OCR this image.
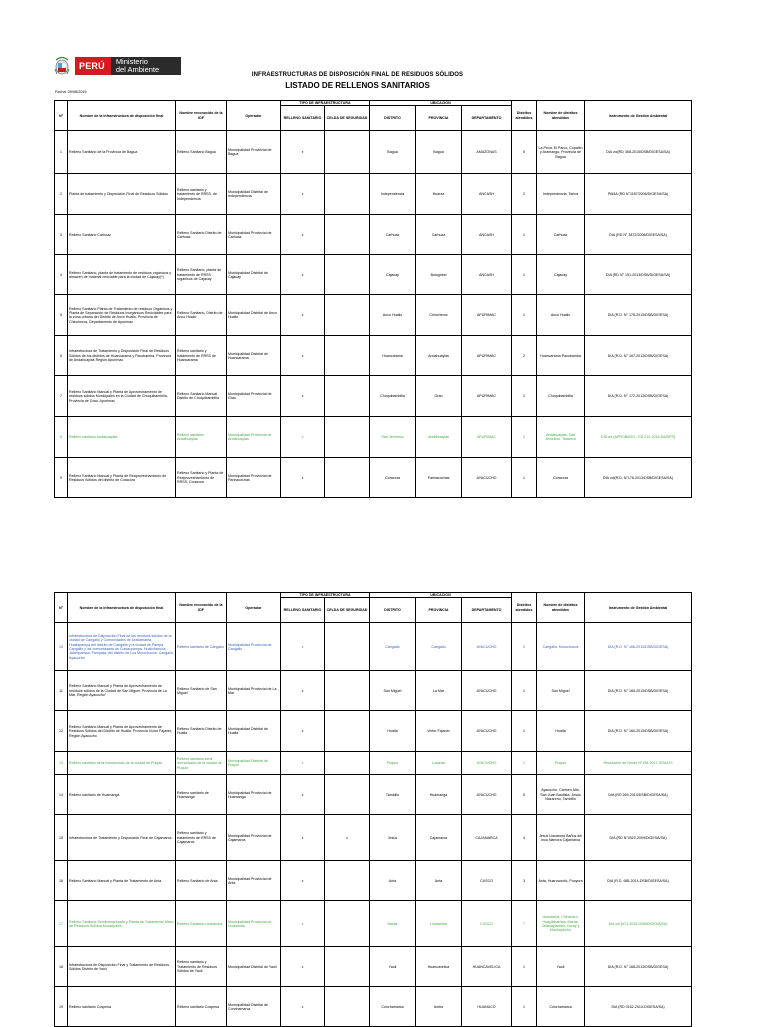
PERÚ	Ministerio
del Ambiente
INFRAESTRUCTURAS DE DISPOSICIÓN FINAL DE RESIDUOS SÓLIDOS
LISTADO DE RELLENOS SANITARIOS
Fecha: 09/08/2019
N°	Nombre de la Infraestructura de disposición final	Nombre reconocido de la IDF	Operador	TIPO DE INFRAESTRUCTURA		UBICACION			Distritos atendidos	Nombre de distritos atendidos	Instrumento de Gestión Ambiental
				RELLENO SANITARIO	CELDA DE SEGURIDAD	DISTRITO	PROVINCIA	DEPARTAMENTO			
1	Relleno Sanitario de la Provincia de Bagua	Relleno Sanitario Bagua	Municipalidad Provincial de Bagua	x		Bagua	Bagua	AMAZONAS	5	La Peca, El Parco, Copallín y Aramango, Provincia de Bagua	DIA vol(RD 368-2015/DSB/DIGESA/SA)
2	Planta de tratamiento y Disposición Final de Residuos Sólidos	Relleno sanitario y tratamiento de RRSS, de Independencia	Municipalidad Distrital de Independencia	x		Independencia	Huaraz	ANCASH	2	Independencia, Tarica	PAMA (RD N°1187/2006/DIGESA/SA)
3	Relleno Sanitario Carhuaz	Relleno Sanitario Distrito de Carhuaz	Municipalidad Provincial de Carhuaz	x		Carhuaz	Carhuaz	ANCASH	1	Carhuaz	DIA (RD N° 3872/2006/DIGESA/SA)
4	Relleno Sanitario, planta de tratamiento de residuos orgánicos y almacen de material reciclable para la ciudad de Cajacay(*)	Relleno Sanitario, planta de tratamiento de RRSS orgánicos de Cajacay	Municipalidad Distrital de Cajacay	x		Cajacay	Bolognesi	ANCASH	1	Cajacay	DIA (RD N° 191-2013/DSB/DIGESA/SA)
5	Relleno Sanitario Planta de Tratamiento de residuos Orgánicos y Planta de Separación de Residuos Inorgánicos Reciclables para la zona urbana del Distrito de Anco Huallo, Provincia de Chincheros, Departamento de Apurimac	Relleno Sanitario, Distrito de Anco Huallo	Municipalidad Distrital de Anco Huallo	x		Anco Huallo	Chincheros	APURIMAC	1	Anco Huallo	DIA (R.D. N° 178-2013/DSB/DIGESA)
6	Infraestructura de Tratamiento y Disposición Final de Residuos Sólidos de los distritos de Huancarama y Pacobamba, Provincia de Andahuaylas Región Apurímac	Relleno sanitario y tratamiento de RRSS de Huancarama	Municipalidad Distrital de Huancarama	x		Huancarama	Andahuaylas	APURIMAC	2	Huancarama Pacobamba	DIA (R.D. N° 167-2013/DSB/DIGESA)
7	Relleno Sanitario Manual y Planta de Aprovechamiento de residuos sólidos Municipales en la Ciudad de Chuquibambilla, Provincia de Grau. Apurímac	Relleno Sanitario Manual Distrito de Chuquibambilla	Municipalidad Provincial de Grau	x		Chuquibambilla	Grau	APURIMAC	1	Chuquibambilla	DIA (R.D. N° 172-2013/DSB/DIGESA)
8	Relleno sanitario Andahuaylas	Relleno sanitario Andahuaylas	Municipalidad Provincial de Andahuaylas	x		San Jerónimo	Andahuaylas	APURIMAC	3	Andahuaylas, San Jerónimo, Talavera	DIA vol (APROBADO - RD 212-2016-SA/DPS)
9	Relleno Sanitario Manual y Planta de Reaprovechamiento de Residuos Sólidos del distrito de Coracora	Relleno Sanitario y Planta de Reaprovechamiento de RRSS, Coracora	Municipalidad Provincial de Parinacochas	x		Coracora	Parinacochas	AYACUCHO	1	Coracora	DIA vol(R.D. N°176-2013/DSB/DIGESA/SA)
N°	Nombre de la Infraestructura de disposición final	Nombre reconocido de la IDF	Operador	TIPO DE INFRAESTRUCTURA		UBICACION			Distritos atendidos	Nombre de distritos atendidos	Instrumento de Gestión Ambiental
				RELLENO SANITARIO	CELDA DE SEGURIDAD	DISTRITO	PROVINCIA	DEPARTAMENTO			
10	Infraestructura de Disposición Final de los residuos sólidos de la ciudad de Cangallo y Comunidades de Urallamanta, Huallapampa del distrito de Cangallo y la ciudad de Pampa Cangallo y las comunidades de Cuisacpampa, Huallchancca, Jalampampa, Pampata, del distrito de Los Morochucos, Cangallo, Ayacucho	Relleno sanitario de Cangallo	Municipalidad Provincial de Cangallo	x		Cangallo	Cangallo	AYACUCHO	2	Cangallo, Morochucos	DIA (R.D. N° 166-2013/DSB/DIGESA)
11	Relleno Sanitario Manual y Planta de Aprovechamiento de residuos sólidos de la Ciudad de San Miguel, Provincia de La Mar, Región Ayacucho"	Relleno Sanitario de San Miguel	Municipalidad Provincial de La Mar	x		San Miguel	La Mar	AYACUCHO	1	San Miguel	DIA (R.D. N° 165-2013/DSB/DIGESA)
12	Relleno Sanitario Manual y Planta de Aprovechamiento de Residuos Sólidos del Distrito de Hualla, Provincia Víctor Fajardo, Región Ayacucho	Relleno Sanitario Distrito de Hualla	Municipalidad Distrital de Hualla	x		Hualla	Victor Fajardo	AYACUCHO	1	Hualla	DIA (R.D. N° 160-2013/DSB/DIGESA)
13	Relleno sanitario semi mecanizado de la ciudad de Puquio	Relleno sanitario semi mecanizado de la ciudad de Puquio	Municipalidad Distrital de Puquio	x		Puquio	Lucanas	AYACUCHO	1	Puquio	Resolución de Gerdo N°198-2017-GRA/GS
14	Relleno sanitario de Huamanga	Relleno sanitario de Huamanga	Municipalidad Provincial de Huamanga	x		Tambillo	Huamanga	AYACUCHO	5	Ayacucho, Carmen Alto, San Juan Bautista, Jesús Nazareno, Tambillo	DIA (RD 269-2014/DSB/DIGESA/SA)
15	Infraestructura de Tratamiento y Disposición Final de Cajamarca	Relleno sanitario y tratamiento de RRSS de Cajamarca	Municipalidad Provincial de Cajamarca	x	x	Jesús	Cajamarca	CAJAMARCA	4	Jesus Llacanora Baños del Inca Namora Cajamarca	DIA (RD N°0922-2009/DIGESA/SA)
16	Relleno Sanitario Manual y Planta de Tratamiento de Anta	Relleno Sanitario de Anta	Municipalidad Provincial de Anta	x		Anta	Anta	CUSCO	3	Anta, Huarocondo, Pucyura	DIA (R.D. 685-2014-DSB/DIGESA/SA)
17	Relleno Sanitario Semimecanizado y Planta de Tratamiento Mixto de Residuos Sólidos Municipales	Relleno Sanitario Urubamba	Municipalidad Provincial de Urubamba	x		Maras	Urubamba	CUSCO	7	Urubamba, Chinchero, Huayllabamba, Maras, Ollantaytambo, Yucay y Machupicchu	DIA vol (071-2015-DSB/DIGESA/SA)
18	Infraestructura de Disposición Final y Tratamiento de Residuos Sólidos Distrito de Yauli	Relleno sanitario y Tratamiento de Residuos Sólidos de Yauli	Municipalidad Distrital de Yauli	x		Yauli	Huancavelica	HUANCAVELICA	1	Yauli	DIA (R.D. N° 168-2013/DSB/DIGESA)
19	Relleno sanitario Cospesa	Relleno sanitario Cospesa	Municipalidad Distrital de Conchamarca	x		Conchamarca	Ambo	HUANUCO	1	Conchamarca	DIA (RD 0162-2010-DIGESA/SA)
